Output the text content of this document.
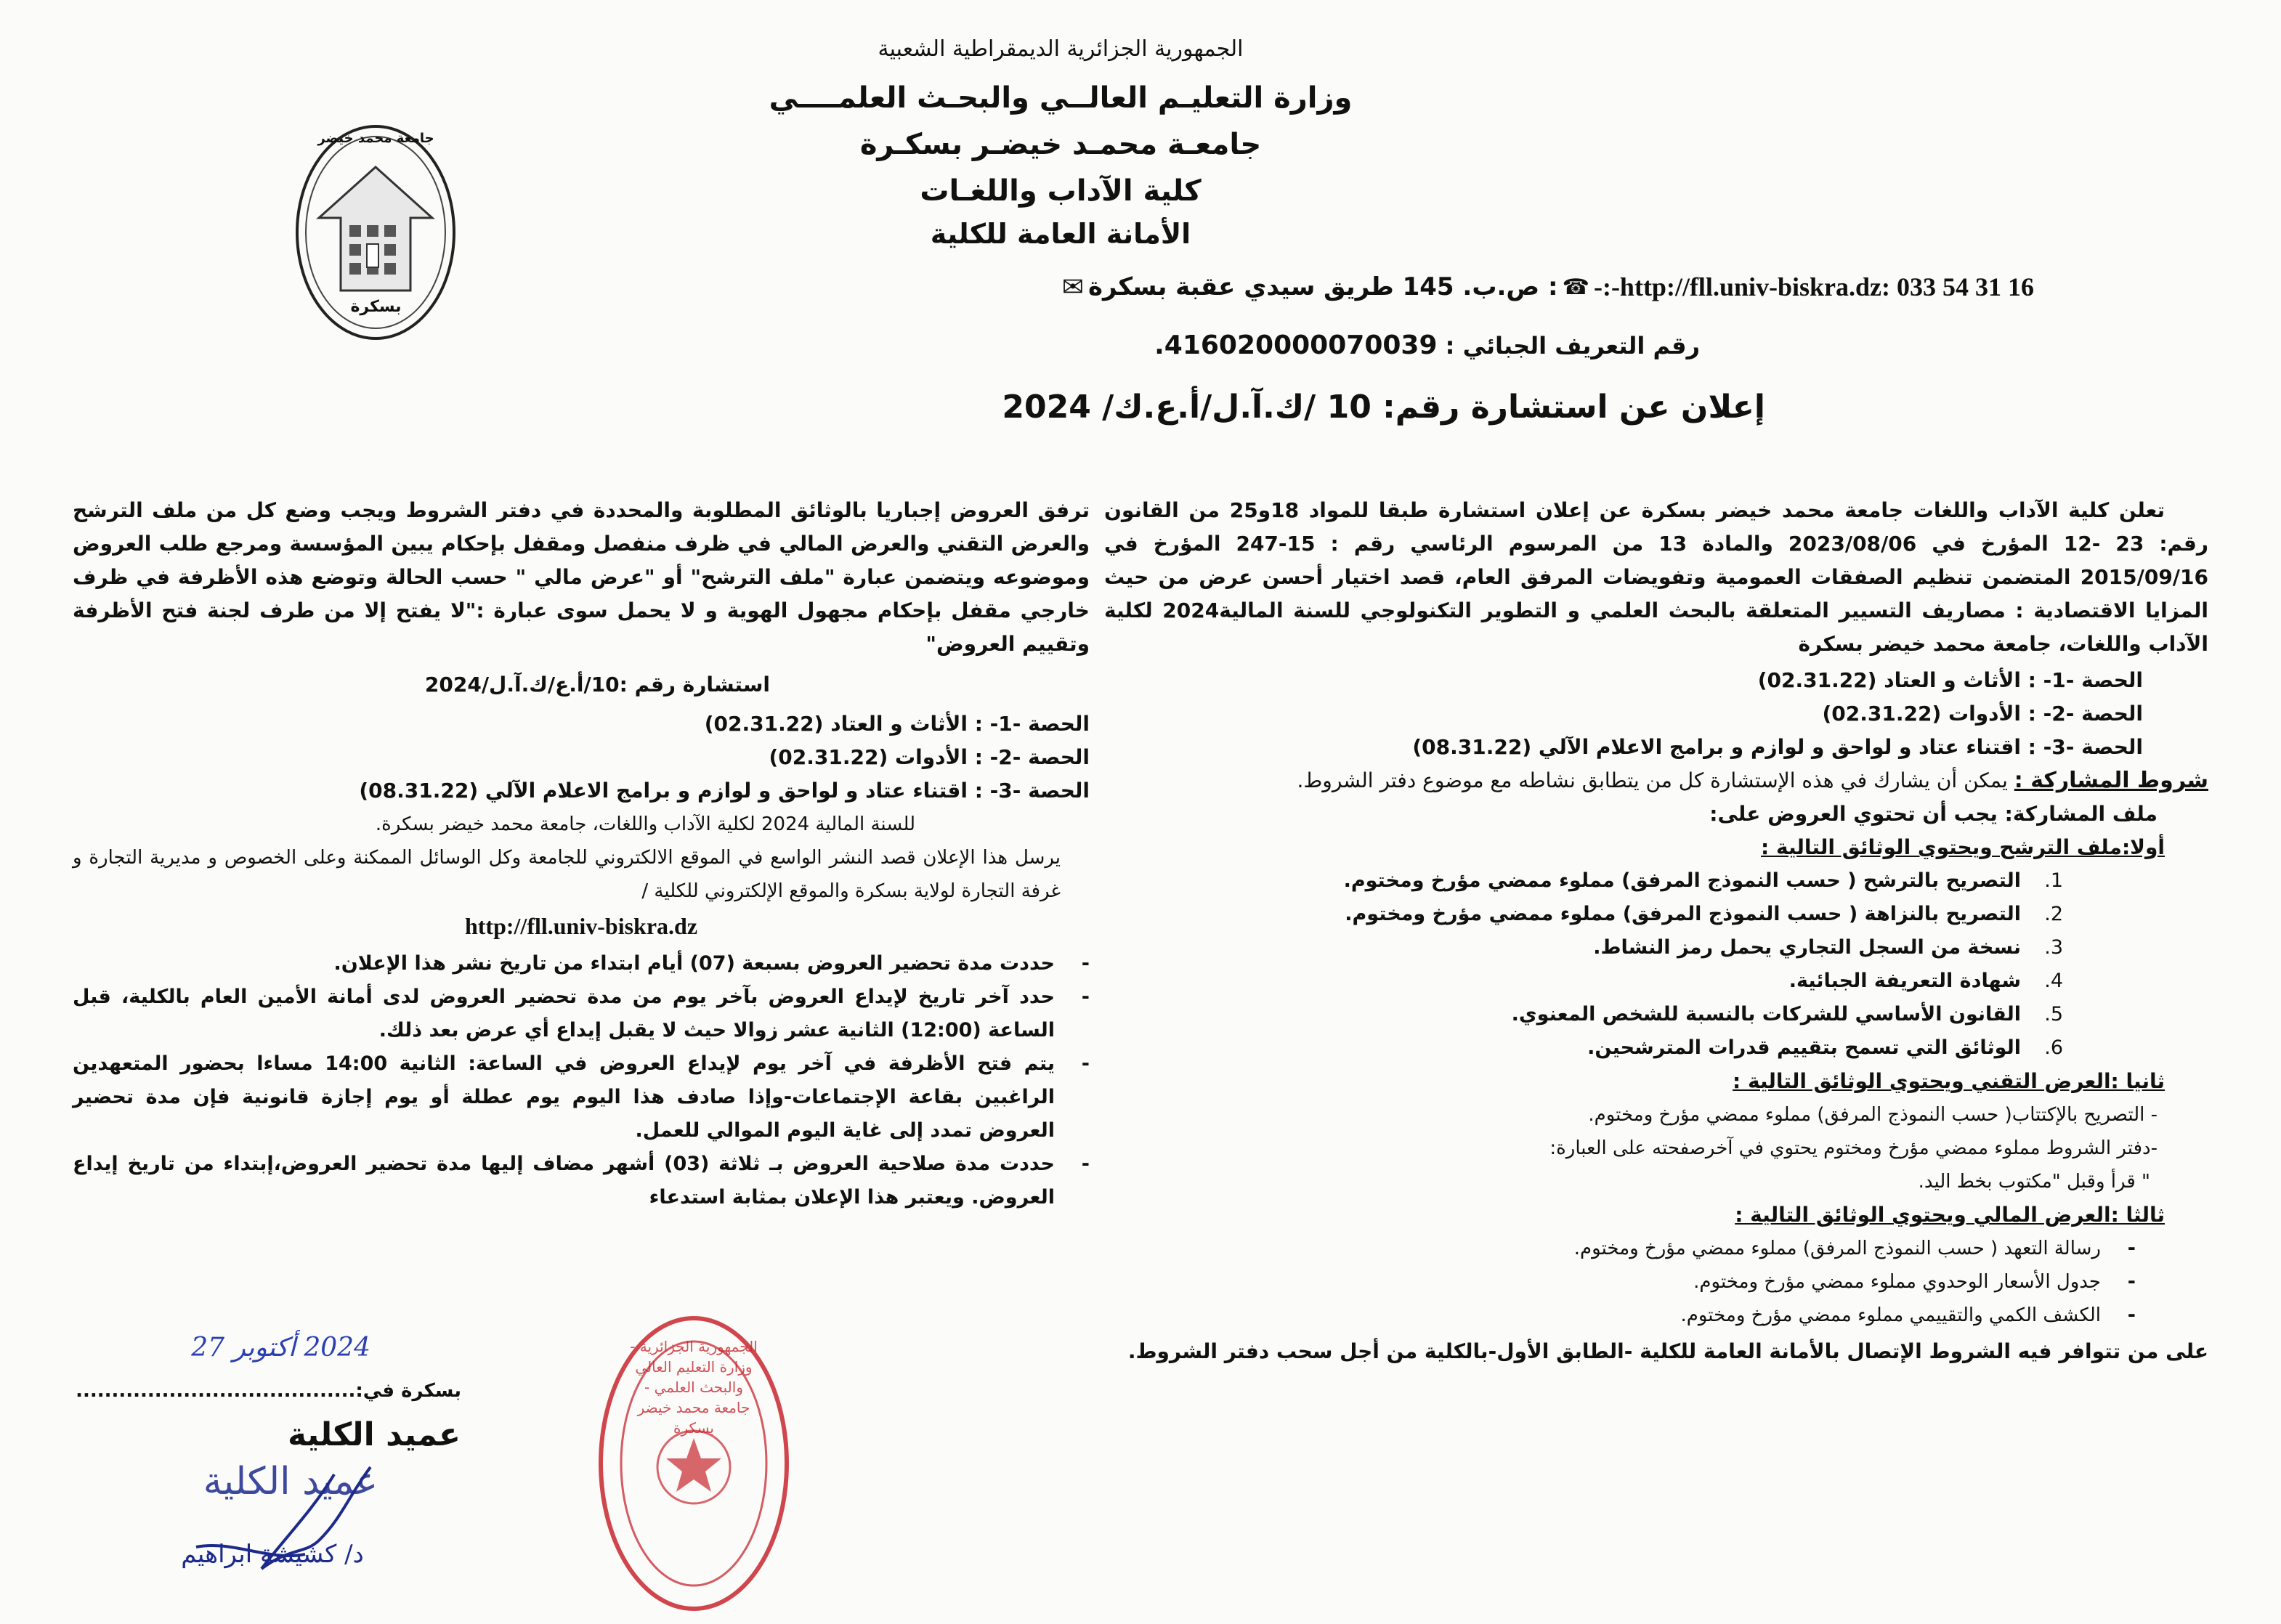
الجمهورية الجزائرية الديمقراطية الشعبية
وزارة التعليـم العالــي والبحـث العلمــــي
جامعـة محمـد خيضـر بسكـرة
كلية الآداب واللغـات
الأمانة العامة للكلية
جامعة محمد خيضر
بسكرة
-:-http://fll.univ-biskra.dz: 033 54 31 16
☎
: ص.ب. 145 طريق سيدي عقبة بسكرة
✉
رقم التعريف الجبائي : 416020000070039.
إعلان عن استشارة رقم: 10 /ك.آ.ل/أ.ع.ك/ 2024

تعلن كلية الآداب واللغات جامعة محمد خيضر بسكرة عن إعلان استشارة طبقا للمواد 18و25 من القانون رقم: 23 -12 المؤرخ في 2023/08/06 والمادة 13 من المرسوم الرئاسي رقم : 15-247 المؤرخ في 2015/09/16 المتضمن تنظيم الصفقات العمومية وتفويضات المرفق العام، قصد اختيار أحسن عرض من حيث المزايا الاقتصادية : مصاريف التسيير المتعلقة بالبحث العلمي و التطوير التكنولوجي للسنة المالية2024 لكلية الآداب واللغات، جامعة محمد خيضر بسكرة

الحصة -1- : الأثاث و العتاد (02.31.22)

الحصة -2- : الأدوات (02.31.22)

الحصة -3- : اقتناء عتاد و لواحق و لوازم و برامج الاعلام الآلي (08.31.22)

شروط المشاركة : يمكن أن يشارك في هذه الإستشارة كل من يتطابق نشاطه مع موضوع دفتر الشروط.

ملف المشاركة: يجب أن تحتوي العروض على:

أولا:ملف الترشح ويحتوي الوثائق التالية :

1.
التصريح بالترشح ( حسب النموذج المرفق) مملوء ممضي مؤرخ ومختوم.
2.
التصريح بالنزاهة ( حسب النموذج المرفق) مملوء ممضي مؤرخ ومختوم.
3.
نسخة من السجل التجاري يحمل رمز النشاط.
4.
شهادة التعريفة الجبائية.
5.
القانون الأساسي للشركات بالنسبة للشخص المعنوي.
6.
الوثائق التي تسمح بتقييم قدرات المترشحين.

ثانيا :العرض التقني ويحتوي الوثائق التالية :

- التصريح بالإكتتاب( حسب النموذج المرفق) مملوء ممضي مؤرخ ومختوم.

-دفتر الشروط مملوء ممضي مؤرخ ومختوم يحتوي في آخرصفحته على العبارة:

" قرأ وقبل "مكتوب بخط اليد.

ثالثا :العرض المالي ويحتوي الوثائق التالية :

-
رسالة التعهد ( حسب النموذج المرفق) مملوء ممضي مؤرخ ومختوم.
-
جدول الأسعار الوحدوي مملوء ممضي مؤرخ ومختوم.
-
الكشف الكمي والتقييمي مملوء ممضي مؤرخ ومختوم.

على من تتوافر فيه الشروط الإتصال بالأمانة العامة للكلية -الطابق الأول-بالكلية من أجل سحب دفتر الشروط.

ترفق العروض إجباريا بالوثائق المطلوبة والمحددة في دفتر الشروط ويجب وضع كل من ملف الترشح والعرض التقني والعرض المالي في ظرف منفصل ومقفل بإحكام يبين المؤسسة ومرجع طلب العروض وموضوعه ويتضمن عبارة "ملف الترشح" أو "عرض مالي " حسب الحالة وتوضع هذه الأظرفة في ظرف خارجي مقفل بإحكام مجهول الهوية و لا يحمل سوى عبارة :"لا يفتح إلا من طرف لجنة فتح الأظرفة وتقييم العروض"

استشارة رقم :10/أ.ع/ك.آ.ل/2024

الحصة -1- : الأثاث و العتاد (02.31.22)

الحصة -2- : الأدوات (02.31.22)

الحصة -3- : اقتناء عتاد و لواحق و لوازم و برامج الاعلام الآلي (08.31.22)

للسنة المالية 2024 لكلية الآداب واللغات، جامعة محمد خيضر بسكرة.

يرسل هذا الإعلان قصد النشر الواسع في الموقع الالكتروني للجامعة وكل الوسائل الممكنة وعلى الخصوص و مديرية التجارة و غرفة التجارة لولاية بسكرة والموقع الإلكتروني للكلية /

http://fll.univ-biskra.dz

-
حددت مدة تحضير العروض بسبعة (07) أيام ابتداء من تاريخ نشر هذا الإعلان.
-
حدد آخر تاريخ لإيداع العروض بآخر يوم من مدة تحضير العروض لدى أمانة الأمين العام بالكلية، قبل الساعة (12:00) الثانية عشر زوالا حيث لا يقبل إيداع أي عرض بعد ذلك.
-
يتم فتح الأظرفة في آخر يوم لإيداع العروض في الساعة: الثانية 14:00 مساءا بحضور المتعهدين الراغبين بقاعة الإجتماعات-وإذا صادف هذا اليوم يوم عطلة أو يوم إجازة قانونية فإن مدة تحضير العروض تمدد إلى غاية اليوم الموالي للعمل.
-
حددت مدة صلاحية العروض بـ ثلاثة (03) أشهر مضاف إليها مدة تحضير العروض،إبتداء من تاريخ إيداع العروض. ويعتبر هذا الإعلان بمثابة استدعاء
2024 أكتوبر 27
بسكرة في:.......................................
عميد الكلية
عميد الكلية
د/ كشيشة ابراهيم
الجمهورية الجزائرية - وزارة التعليم العالي والبحث العلمي - جامعة محمد خيضر بسكرة
